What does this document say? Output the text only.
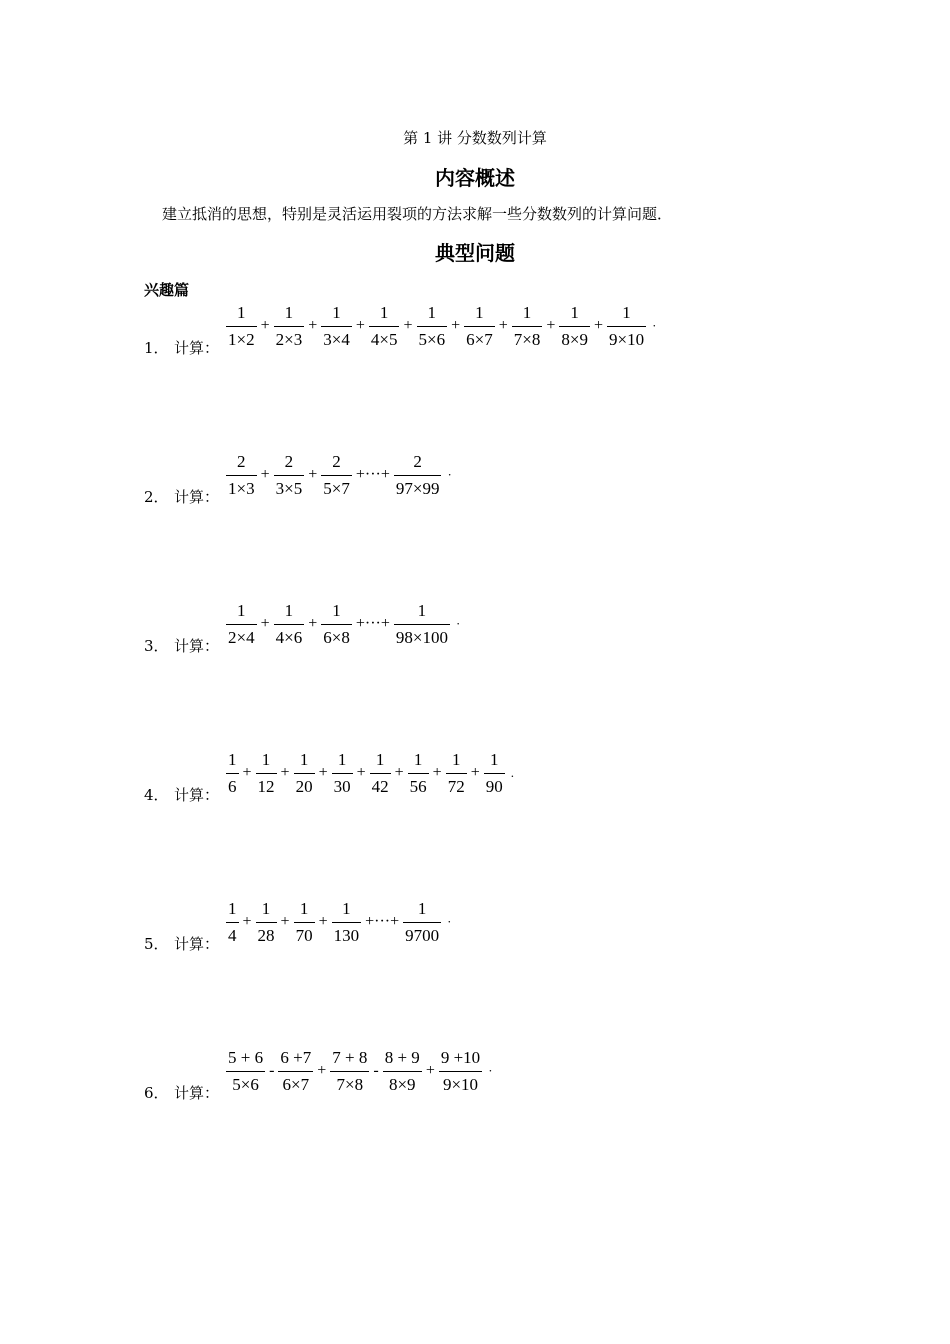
第 1 讲 分数数列计算
内容概述
建立抵消的思想，特别是灵活运用裂项的方法求解一些分数数列的计算问题．
典型问题
兴趣篇
1． 计算： $\frac{1}{1\times 2} + \frac{1}{2\times 3} + \frac{1}{3\times 4} + \frac{1}{4\times 5} + \frac{1}{5\times 6} + \frac{1}{6\times 7} + \frac{1}{7\times 8} + \frac{1}{8\times 9} + \frac{1}{9\times 10}$ ·
2． 计算： $\frac{2}{1\times 3} + \frac{2}{3\times 5} + \frac{2}{5\times 7}$ +···+ $\frac{2}{97\times 99}$ ·
3． 计算： $\frac{1}{2\times 4} + \frac{1}{4\times 6} + \frac{1}{6\times 8}$ +···+ $\frac{1}{98\times 100}$ ·
4． 计算： $\frac{1}{6} + \frac{1}{12} + \frac{1}{20} + \frac{1}{30} + \frac{1}{42} + \frac{1}{56} + \frac{1}{72} + \frac{1}{90}$ .
5． 计算： $\frac{1}{4} + \frac{1}{28} + \frac{1}{70} + \frac{1}{130}$ +···+ $\frac{1}{9700}$ ·
6． 计算： $\frac{5 + 6}{5\times 6} - \frac{6 +7}{6\times 7} + \frac{7 + 8}{7\times 8} - \frac{8 + 9}{8\times 9} + \frac{9 +10}{9\times 10}$ ·
